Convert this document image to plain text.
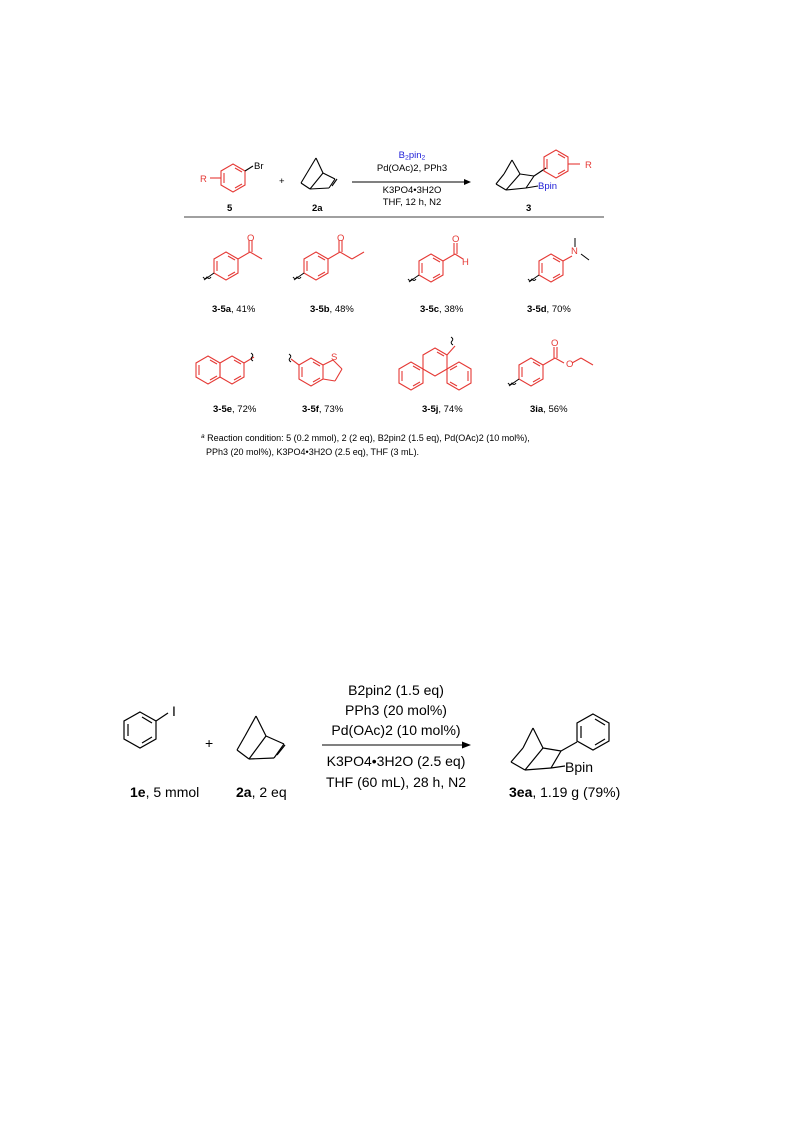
Br
R
5
+
2a
$B_2pin_2$
Pd(OAc)2, PPh3
K3PO4•3H2O
THF, 12 h, N2
R
Bpin
3
O	O	O
H
N
3-5a, 41%	3-5b, 48%	3-5c, 38%	3-5d, 70%
S
O
O
3-5e, 72%	3-5f, 73%	3-5j, 74%	3ia, 56%
$^a$ Reaction condition: 5 (0.2 mmol), 2 (2 eq), B2pin2 (1.5 eq), Pd(OAc)2 (10 mol%),
PPh3 (20 mol%), K3PO4•3H2O (2.5 eq), THF (3 mL).
I
1e, 5 mmol
+
2a, 2 eq
B2pin2 (1.5 eq)
PPh3 (20 mol%)
Pd(OAc)2 (10 mol%)
K3PO4•3H2O (2.5 eq)
THF (60 mL), 28 h, N2
Bpin
3ea, 1.19 g (79%)
